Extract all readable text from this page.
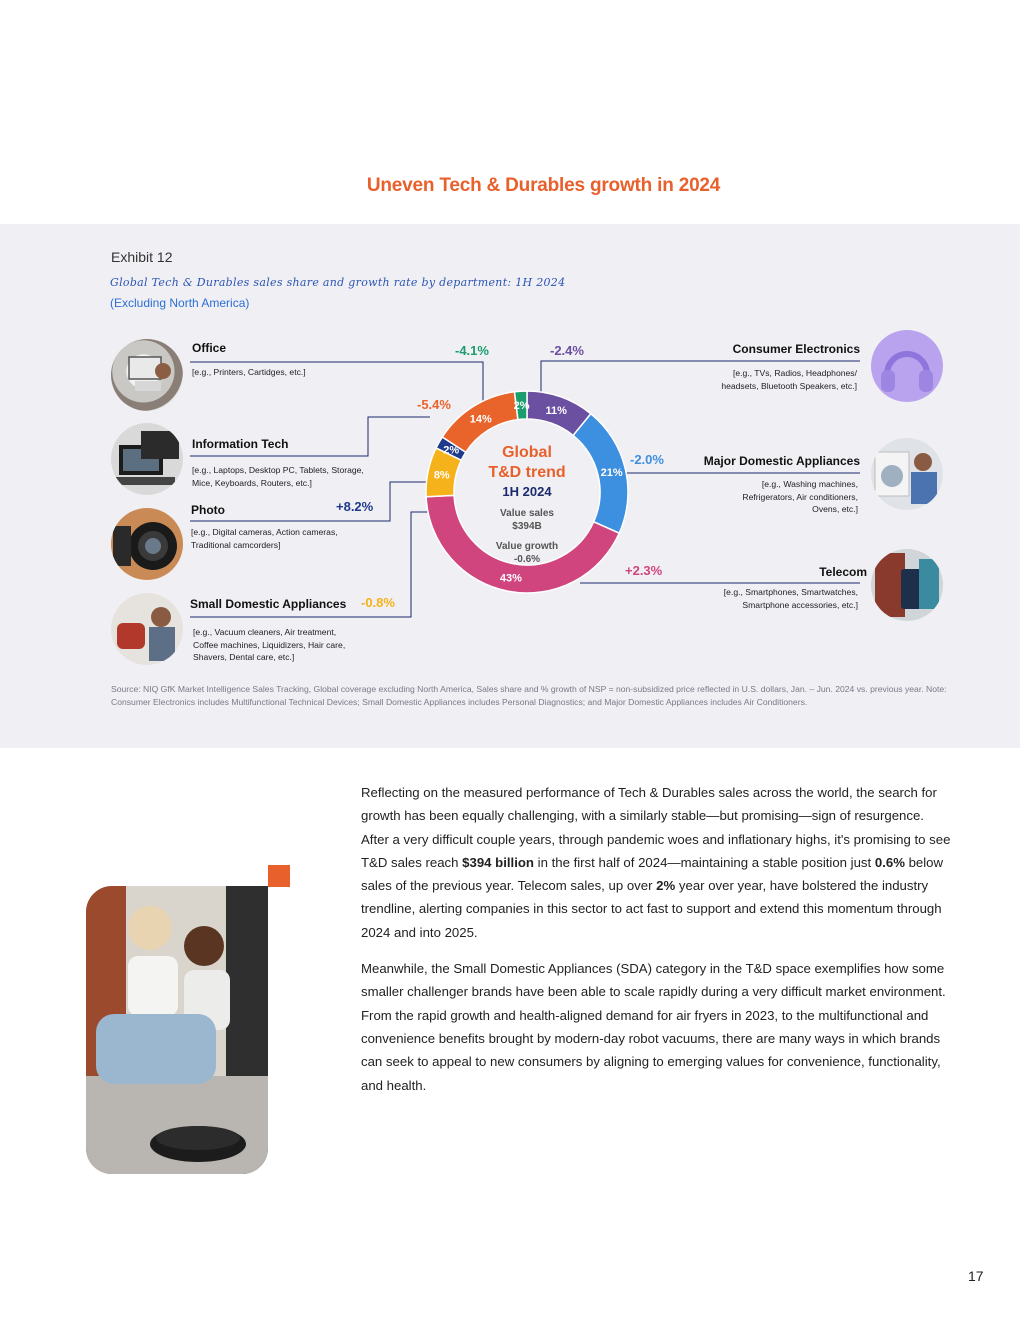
Uneven Tech & Durables growth in 2024
Exhibit 12
Global Tech & Durables sales share and growth rate by department: 1H 2024
(Excluding North America)
11%
21%
43%
8%
2%
14%
2%
Global
T&D trend
1H 2024
Value sales
$394B
Value growth
-0.6%
-4.1%	-2.4%
-5.4%
-2.0%
+8.2%
+2.3%
-0.8%
Office
[e.g., Printers, Cartidges, etc.]
Information Tech
[e.g., Laptops, Desktop PC, Tablets, Storage,
Mice, Keyboards, Routers, etc.]
Photo
[e.g., Digital cameras, Action cameras,
Traditional camcorders]
Small Domestic Appliances
[e.g., Vacuum cleaners, Air treatment,
Coffee machines, Liquidizers, Hair care,
Shavers, Dental care, etc.]
Consumer Electronics
[e.g., TVs, Radios, Headphones/
headsets, Bluetooth Speakers, etc.]
Major Domestic Appliances
[e.g., Washing machines,
Refrigerators, Air conditioners,
Ovens, etc.]
Telecom
[e.g., Smartphones, Smartwatches,
Smartphone accessories, etc.]
Source: NIQ GfK Market Intelligence Sales Tracking, Global coverage excluding North America, Sales share and % growth of NSP = non-subsidized price reflected in U.S. dollars, Jan. – Jun. 2024 vs. previous year. Note: Consumer Electronics includes Multifunctional Technical Devices; Small Domestic Appliances includes Personal Diagnostics; and Major Domestic Appliances includes Air Conditioners.

Reflecting on the measured performance of Tech & Durables sales across the world, the search for growth has been equally challenging, with a similarly stable—but promising—sign of resurgence. After a very difficult couple years, through pandemic woes and inflationary highs, it's promising to see T&D sales reach $394 billion in the first half of 2024—maintaining a stable position just 0.6% below sales of the previous year. Telecom sales, up over 2% year over year, have bolstered the industry trendline, alerting companies in this sector to act fast to support and extend this momentum through 2024 and into 2025.

Meanwhile, the Small Domestic Appliances (SDA) category in the T&D space exemplifies how some smaller challenger brands have been able to scale rapidly during a very difficult market environment. From the rapid growth and health-aligned demand for air fryers in 2023, to the multifunctional and convenience benefits brought by modern-day robot vacuums, there are many ways in which brands can seek to appeal to new consumers by aligning to emerging values for convenience, functionality, and health.

17
